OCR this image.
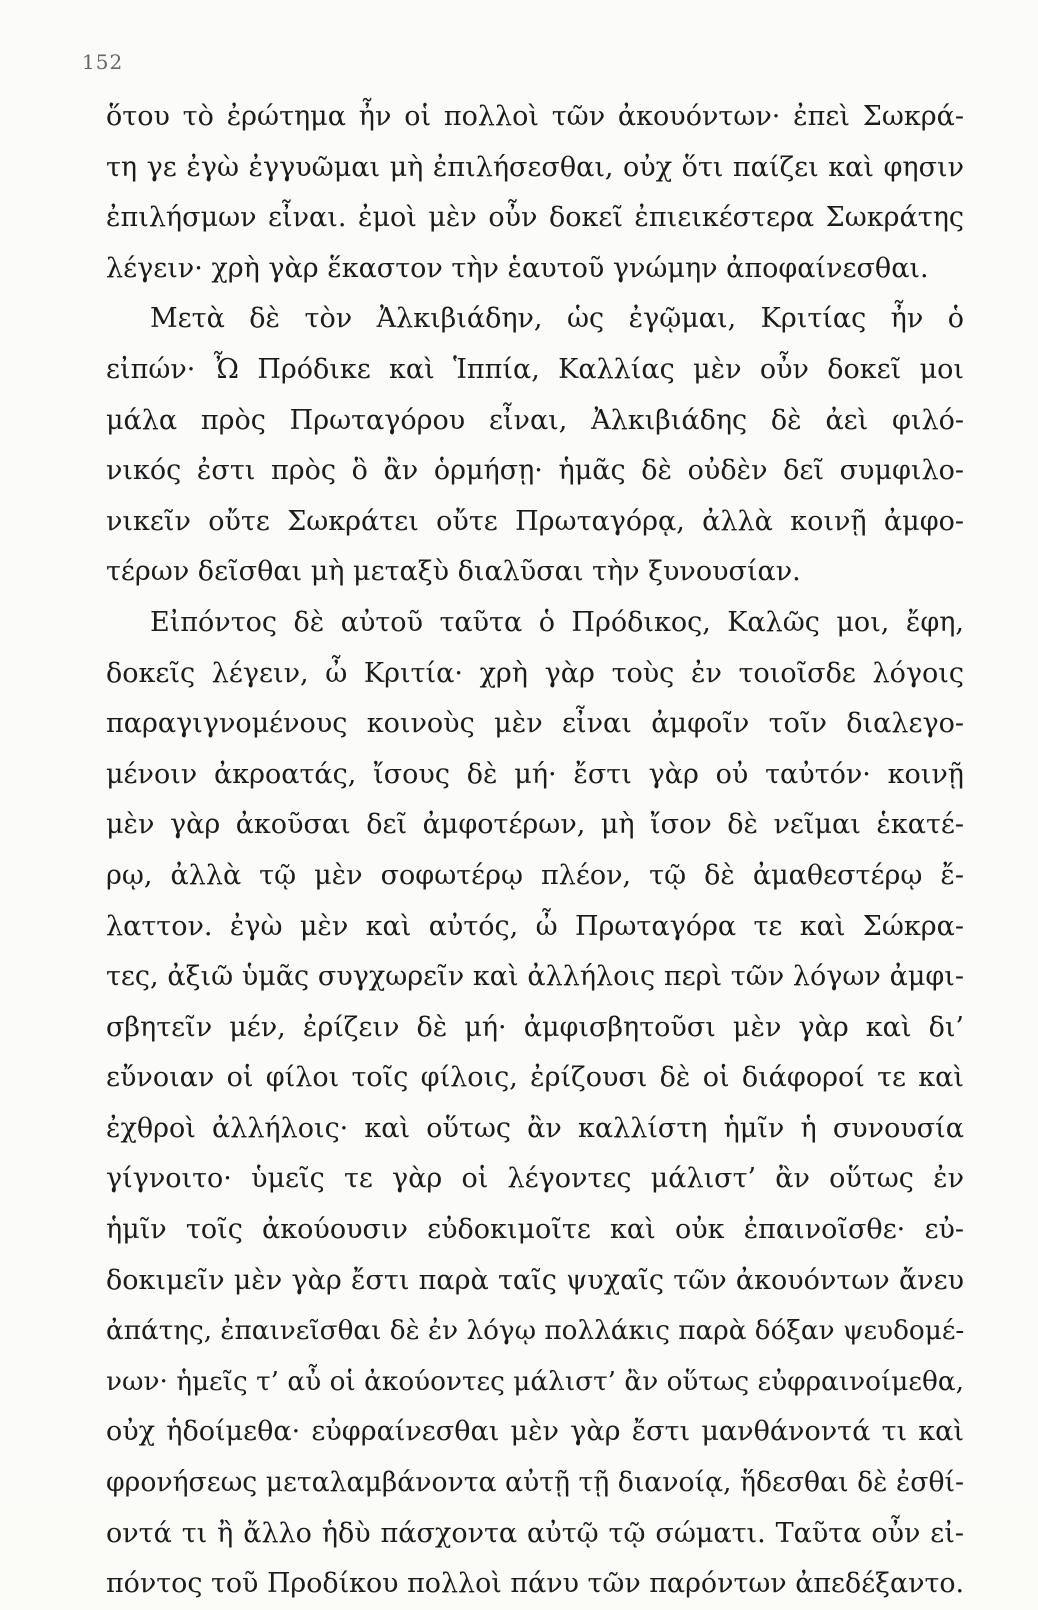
152
ὅτου τὸ ἐρώτημα ἦν οἱ πολλοὶ τῶν ἀκουόντων· ἐπεὶ Σωκρά-
τη γε ἐγὼ ἐγγυῶμαι μὴ ἐπιλήσεσθαι, οὐχ ὅτι παίζει καὶ φησιν
ἐπιλήσμων εἶναι. ἐμοὶ μὲν οὖν δοκεῖ ἐπιεικέστερα Σωκράτης
λέγειν· χρὴ γὰρ ἕκαστον τὴν ἑαυτοῦ γνώμην ἀποφαίνεσθαι.
Μετὰ δὲ τὸν Ἀλκιβιάδην, ὡς ἐγῷμαι, Κριτίας ἦν ὁ
εἰπών· Ὦ Πρόδικε καὶ Ἱππία, Καλλίας μὲν οὖν δοκεῖ μοι
μάλα πρὸς Πρωταγόρου εἶναι, Ἀλκιβιάδης δὲ ἀεὶ φιλό-
νικός ἐστι πρὸς ὃ ἂν ὁρμήσῃ· ἡμᾶς δὲ οὐδὲν δεῖ συμφιλο-
νικεῖν οὔτε Σωκράτει οὔτε Πρωταγόρᾳ, ἀλλὰ κοινῇ ἀμφο-
τέρων δεῖσθαι μὴ μεταξὺ διαλῦσαι τὴν ξυνουσίαν.
Εἰπόντος δὲ αὐτοῦ ταῦτα ὁ Πρόδικος, Καλῶς μοι, ἔφη,
δοκεῖς λέγειν, ὦ Κριτία· χρὴ γὰρ τοὺς ἐν τοιοῖσδε λόγοις
παραγιγνομένους κοινοὺς μὲν εἶναι ἀμφοῖν τοῖν διαλεγο-
μένοιν ἀκροατάς, ἴσους δὲ μή· ἔστι γὰρ οὐ ταὐτόν· κοινῇ
μὲν γὰρ ἀκοῦσαι δεῖ ἀμφοτέρων, μὴ ἴσον δὲ νεῖμαι ἑκατέ-
ρῳ, ἀλλὰ τῷ μὲν σοφωτέρῳ πλέον, τῷ δὲ ἀμαθεστέρῳ ἔ-
λαττον. ἐγὼ μὲν καὶ αὐτός, ὦ Πρωταγόρα τε καὶ Σώκρα-
τες, ἀξιῶ ὑμᾶς συγχωρεῖν καὶ ἀλλήλοις περὶ τῶν λόγων ἀμφι-
σβητεῖν μέν, ἐρίζειν δὲ μή· ἀμφισβητοῦσι μὲν γὰρ καὶ δι’
εὔνοιαν οἱ φίλοι τοῖς φίλοις, ἐρίζουσι δὲ οἱ διάφοροί τε καὶ
ἐχθροὶ ἀλλήλοις· καὶ οὕτως ἂν καλλίστη ἡμῖν ἡ συνουσία
γίγνοιτο· ὑμεῖς τε γὰρ οἱ λέγοντες μάλιστ’ ἂν οὕτως ἐν
ἡμῖν τοῖς ἀκούουσιν εὐδοκιμοῖτε καὶ οὐκ ἐπαινοῖσθε· εὐ-
δοκιμεῖν μὲν γὰρ ἔστι παρὰ ταῖς ψυχαῖς τῶν ἀκουόντων ἄνευ
ἀπάτης, ἐπαινεῖσθαι δὲ ἐν λόγῳ πολλάκις παρὰ δόξαν ψευδομέ-
νων· ἡμεῖς τ’ αὖ οἱ ἀκούοντες μάλιστ’ ἂν οὕτως εὐφραινοίμεθα,
οὐχ ἡδοίμεθα· εὐφραίνεσθαι μὲν γὰρ ἔστι μανθάνοντά τι καὶ
φρονήσεως μεταλαμβάνοντα αὐτῇ τῇ διανοίᾳ, ἥδεσθαι δὲ ἐσθί-
οντά τι ἢ ἄλλο ἡδὺ πάσχοντα αὐτῷ τῷ σώματι. Ταῦτα οὖν εἰ-
πόντος τοῦ Προδίκου πολλοὶ πάνυ τῶν παρόντων ἀπεδέξαντο.
